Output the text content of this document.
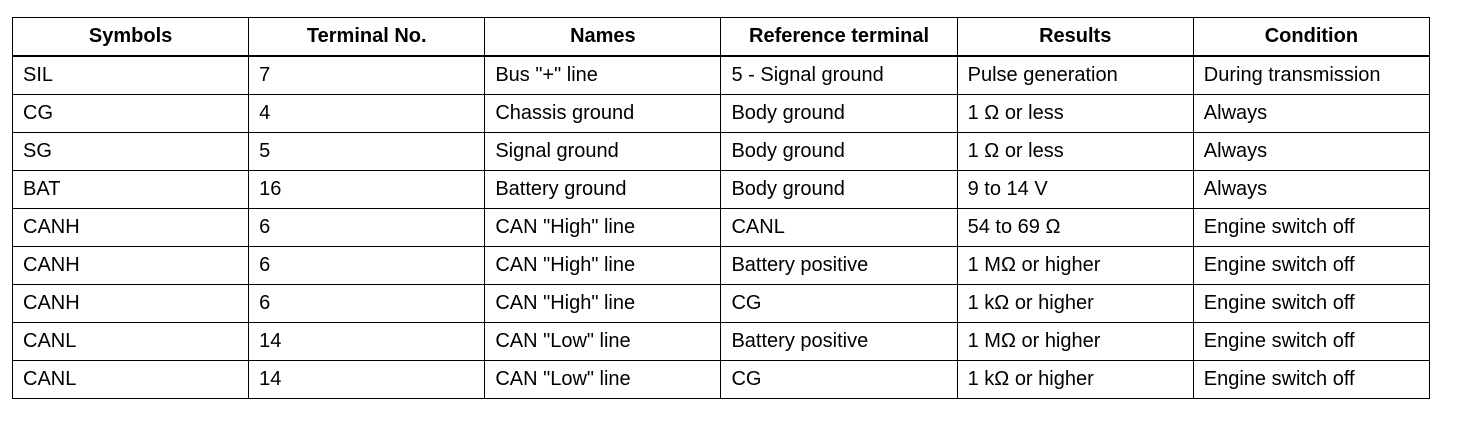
Symbols	Terminal No.	Names	Reference terminal	Results	Condition
SIL	7	Bus "+" line	5 - Signal ground	Pulse generation	During transmission
CG	4	Chassis ground	Body ground	1 Ω or less	Always
SG	5	Signal ground	Body ground	1 Ω or less	Always
BAT	16	Battery ground	Body ground	9 to 14 V	Always
CANH	6	CAN "High" line	CANL	54 to 69 Ω	Engine switch off
CANH	6	CAN "High" line	Battery positive	1 MΩ or higher	Engine switch off
CANH	6	CAN "High" line	CG	1 kΩ or higher	Engine switch off
CANL	14	CAN "Low" line	Battery positive	1 MΩ or higher	Engine switch off
CANL	14	CAN "Low" line	CG	1 kΩ or higher	Engine switch off
